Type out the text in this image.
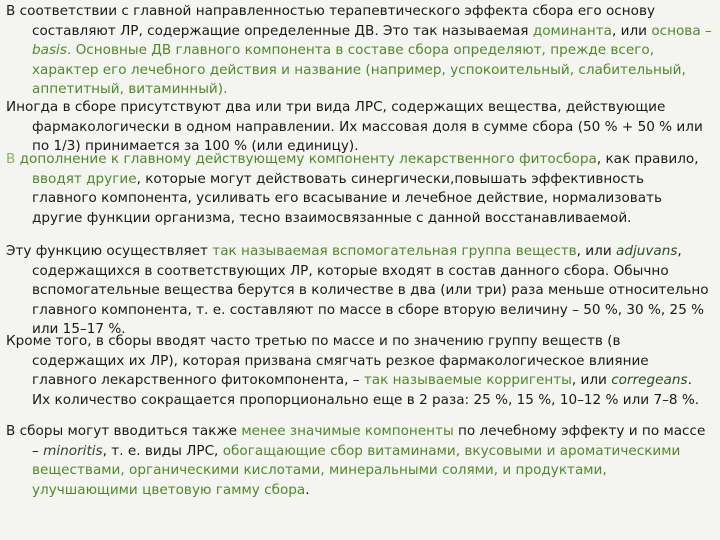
В соответствии с главной направленностью терапевтического эффекта сбора его основу составляют ЛР, содержащие определенные ДВ. Это так называемая доминанта, или основа – basis. Основные ДВ главного компонента в составе сбора определяют, прежде всего, характер его лечебного действия и название (например, успокоительный, слабительный, аппетитный, витаминный).

Иногда в сборе присутствуют два или три вида ЛРС, содержащих вещества, действующие фармакологически в одном направлении. Их массовая доля в сумме сбора (50 % + 50 % или по 1/3) принимается за 100 % (или единицу).

В дополнение к главному действующему компоненту лекарственного фитосбора, как правило, вводят другие, которые могут действовать синергически,повышать эффективность главного компонента, усиливать его всасывание и лечебное действие, нормализовать другие функции организма, тесно взаимосвязанные с данной восстанавливаемой.

Эту функцию осуществляет так называемая вспомогательная группа веществ, или adjuvans, содержащихся в соответствующих ЛР, которые входят в состав данного сбора. Обычно вспомогательные вещества берутся в количестве в два (или три) раза меньше относительно главного компонента, т. е. составляют по массе в сборе вторую величину – 50 %, 30 %, 25 % или 15–17 %.

Кроме того, в сборы вводят часто третью по массе и по значению группу веществ (в содержащих их ЛР), которая призвана смягчать резкое фармакологическое влияние главного лекарственного фитокомпонента, – так называемые корригенты, или corregeans. Их количество сокращается пропорционально еще в 2 раза: 25 %, 15 %, 10–12 % или 7–8 %.

В сборы могут вводиться также менее значимые компоненты по лечебному эффекту и по массе – minoritis, т. е. виды ЛРС, обогащающие сбор витаминами, вкусовыми и ароматическими веществами, органическими кислотами, минеральными солями, и продуктами, улучшающими цветовую гамму сбора.
